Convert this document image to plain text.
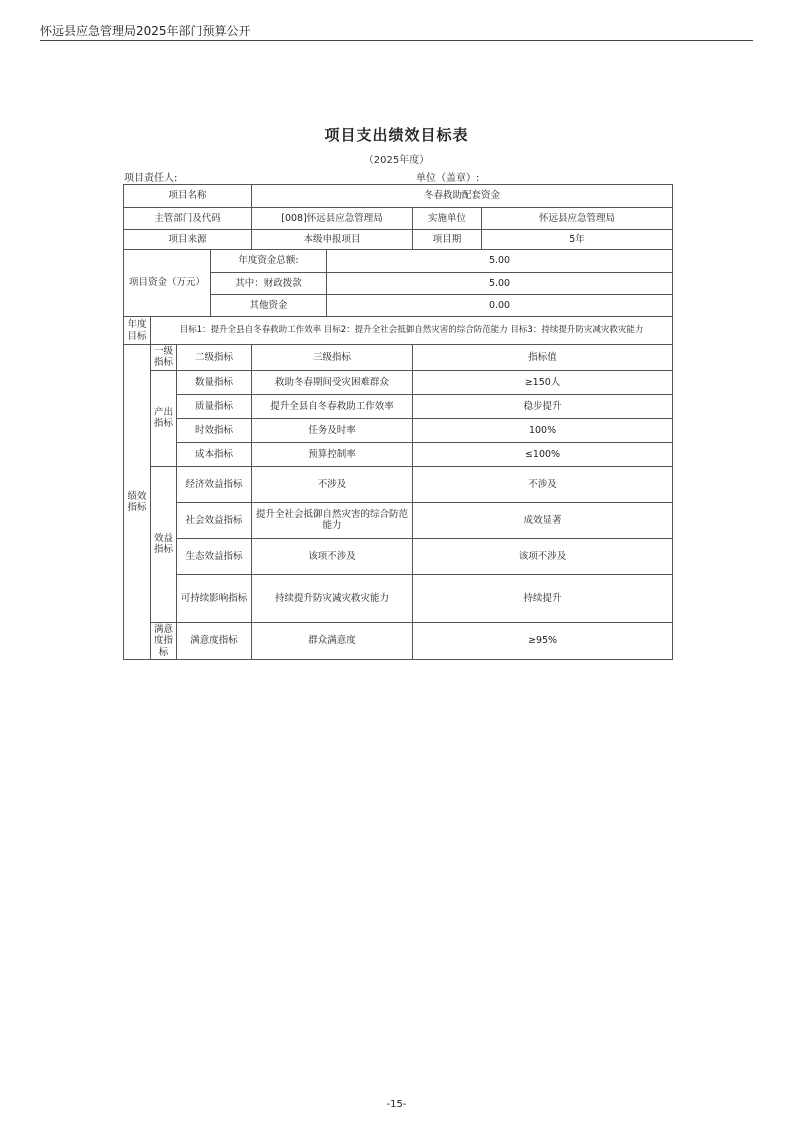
怀远县应急管理局2025年部门预算公开
项目支出绩效目标表
（2025年度）
项目责任人:	单位（盖章）:
项目名称				冬春救助配套资金			
主管部门及代码				[008]怀远县应急管理局		实施单位	怀远县应急管理局
项目来源				本级申报项目		项目期	5年
项目资金（万元）			年度资金总额:		5.00		
			其中：财政拨款		5.00		
			其他资金		0.00		
年度目标	目标1：提升全县自冬春救助工作效率 目标2：提升全社会抵御自然灾害的综合防范能力 目标3：持续提升防灾减灾救灾能力						
绩效指标	一级指标	二级指标		三级指标		指标值	
	产出指标	数量指标		救助冬春期间受灾困难群众		≥150人	
		质量指标		提升全县自冬春救助工作效率		稳步提升	
		时效指标		任务及时率		100%	
		成本指标		预算控制率		≤100%	
	效益指标	经济效益指标		不涉及		不涉及	
		社会效益指标		提升全社会抵御自然灾害的综合防范能力		成效显著	
		生态效益指标		该项不涉及		该项不涉及	
		可持续影响指标		持续提升防灾减灾救灾能力		持续提升	
	满意度指标	满意度指标		群众满意度		≥95%	
-15-
